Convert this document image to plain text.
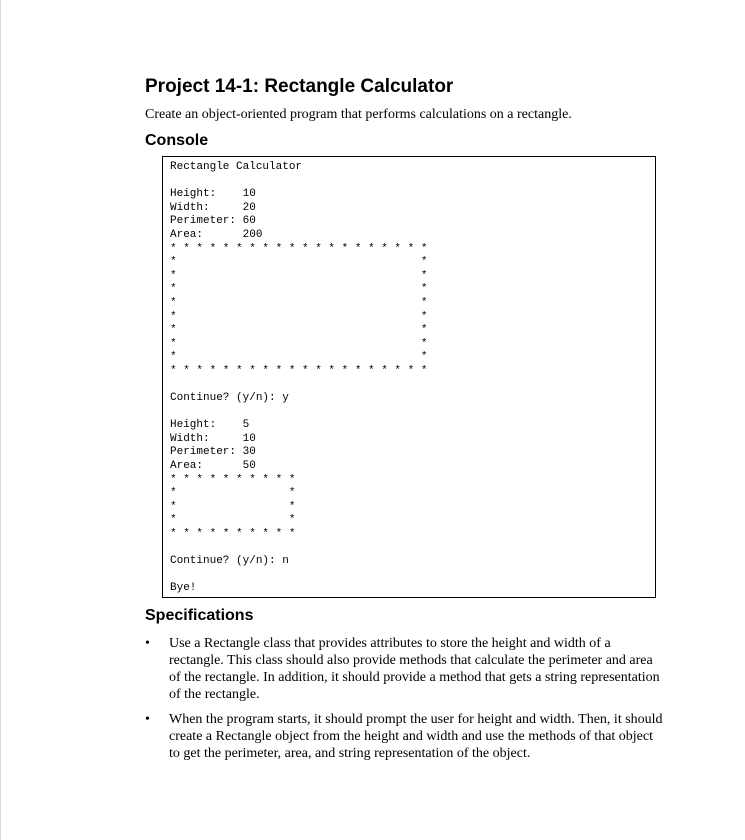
Project 14-1: Rectangle Calculator

Create an object-oriented program that performs calculations on a rectangle.

Console
Rectangle Calculator
Height:    10
Width:     20
Perimeter: 60
Area:      200
* * * * * * * * * * * * * * * * * * * *
*                                     *
*                                     *
*                                     *
*                                     *
*                                     *
*                                     *
*                                     *
*                                     *
* * * * * * * * * * * * * * * * * * * *
Continue? (y/n): y
Height:    5
Width:     10
Perimeter: 30
Area:      50
* * * * * * * * * *
*                 *
*                 *
*                 *
* * * * * * * * * *
Continue? (y/n): n
Bye!
Specifications
• Use a Rectangle class that provides attributes to store the height and width of a rectangle. This class should also provide methods that calculate the perimeter and area of the rectangle. In addition, it should provide a method that gets a string representation of the rectangle.
• When the program starts, it should prompt the user for height and width. Then, it should create a Rectangle object from the height and width and use the methods of that object to get the perimeter, area, and string representation of the object.
